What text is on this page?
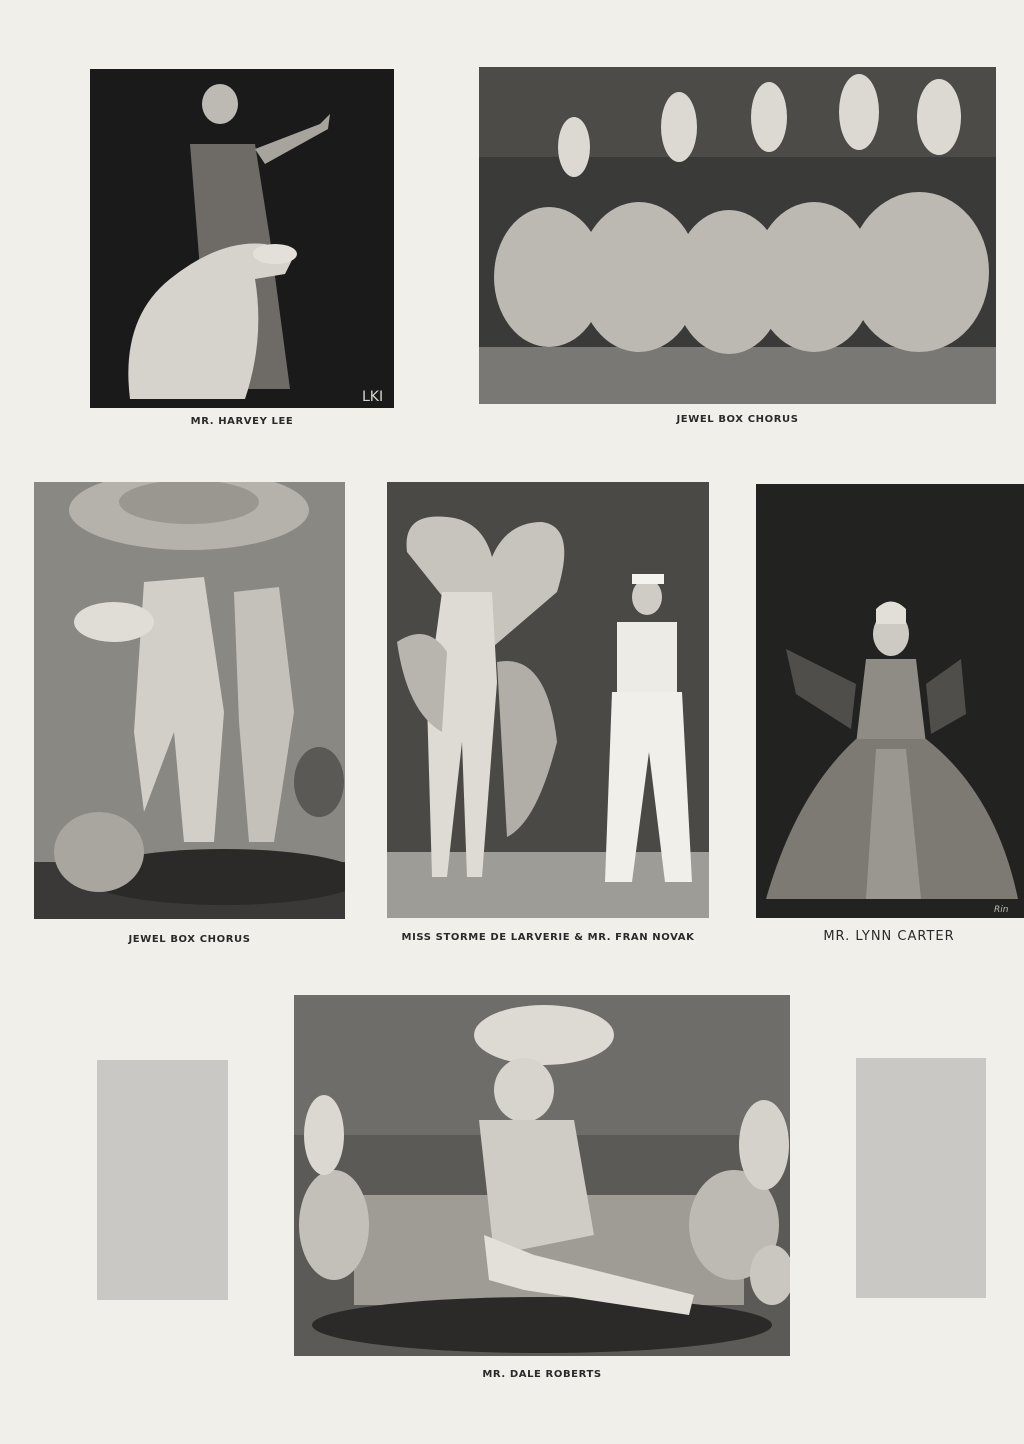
LKI
MR. HARVEY LEE	JEWEL BOX CHORUS
JEWEL BOX CHORUS	MISS STORME DE LARVERIE & MR. FRAN NOVAK
Rin
MR. LYNN CARTER
MR. DALE ROBERTS
